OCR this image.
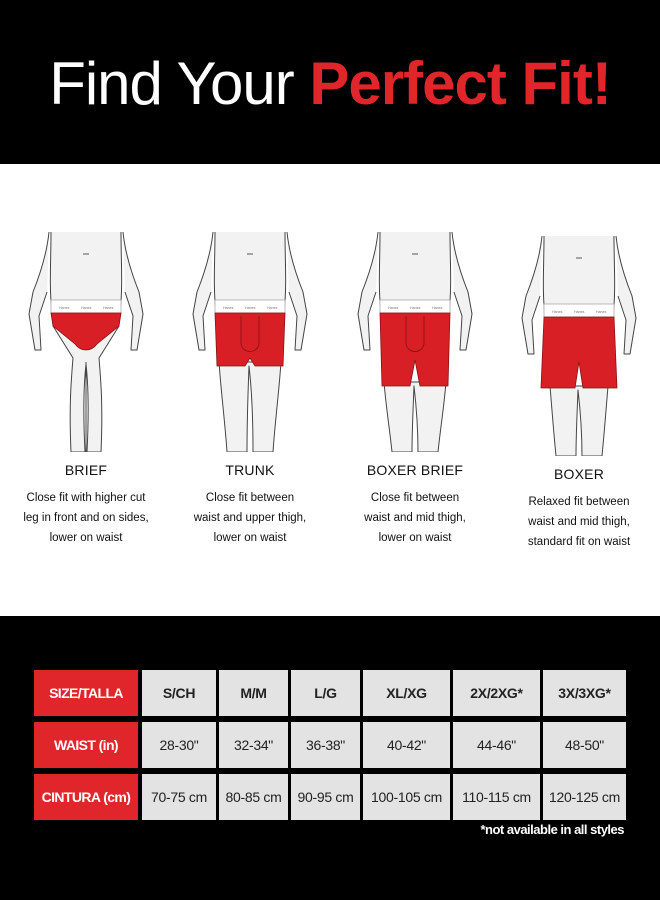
Find Your Perfect Fit!
Hanes	Hanes	Hanes
BRIEF
Close fit with higher cut
leg in front and on sides,
lower on waist
Hanes	Hanes	Hanes
TRUNK
Close fit between
waist and upper thigh,
lower on waist
Hanes	Hanes	Hanes
BOXER BRIEF
Close fit between
waist and mid thigh,
lower on waist
Hanes	Hanes	Hanes
BOXER
Relaxed fit between
waist and mid thigh,
standard fit on waist
SIZE/TALLA	S/CH	M/M	L/G	XL/XG	2X/2XG*	3X/3XG*
WAIST (in)	28-30"	32-34"	36-38"	40-42"	44-46"	48-50"
CINTURA (cm)	70-75 cm	80-85 cm	90-95 cm	100-105 cm	110-115 cm	120-125 cm
*not available in all styles
